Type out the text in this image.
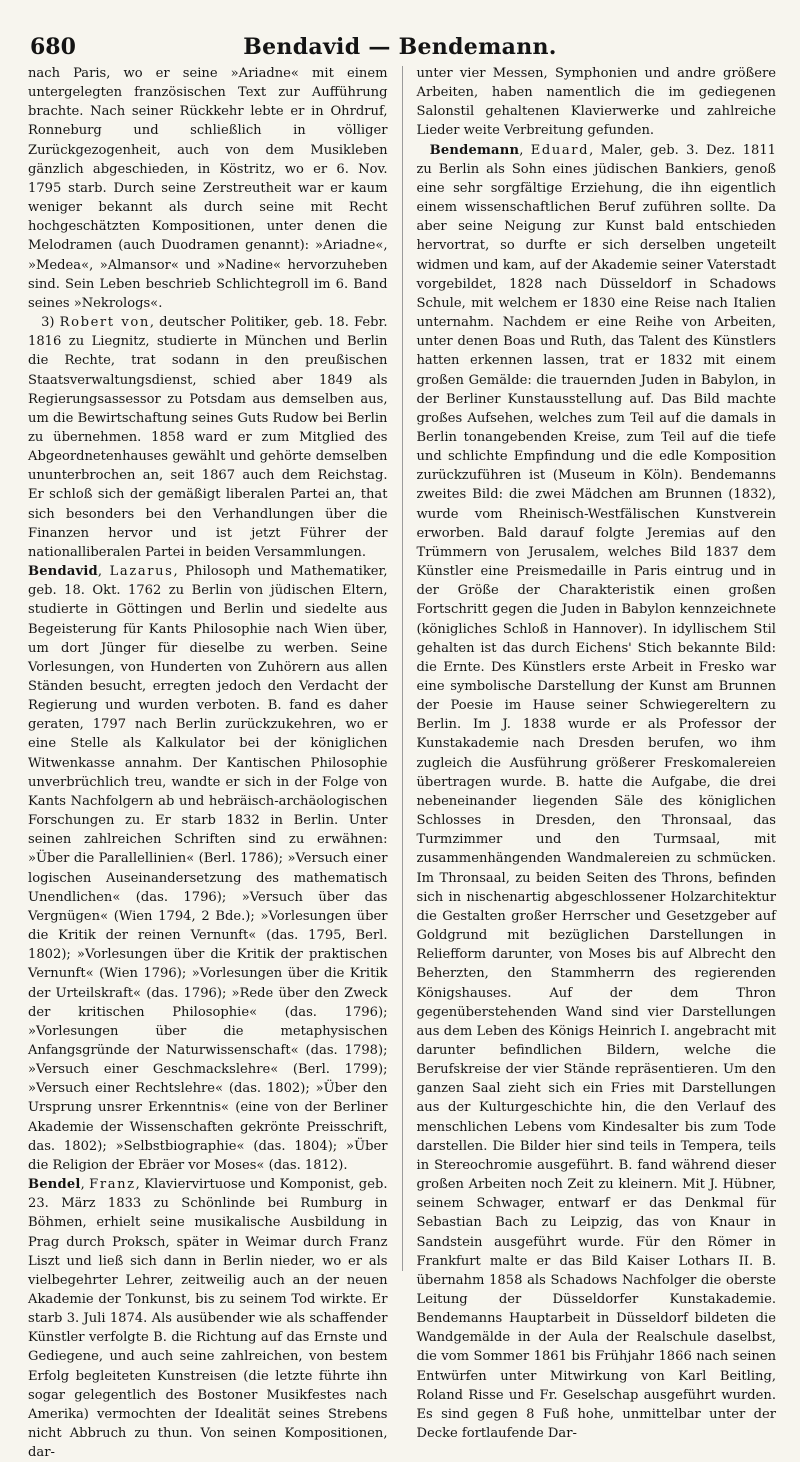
680	Bendavid — Bendemann.

nach Paris, wo er seine »Ariadne« mit einem untergelegten französischen Text zur Aufführung brachte. Nach seiner Rückkehr lebte er in Ohrdruf, Ronneburg und schließlich in völliger Zurückgezogenheit, auch von dem Musikleben gänzlich abgeschieden, in Köstritz, wo er 6. Nov. 1795 starb. Durch seine Zerstreutheit war er kaum weniger bekannt als durch seine mit Recht hochgeschätzten Kompositionen, unter denen die Melodramen (auch Duodramen genannt): »Ariadne«, »Medea«, »Almansor« und »Nadine« hervorzuheben sind. Sein Leben beschrieb Schlichtegroll im 6. Band seines »Nekrologs«.

 3) Robert von, deutscher Politiker, geb. 18. Febr. 1816 zu Liegnitz, studierte in München und Berlin die Rechte, trat sodann in den preußischen Staatsverwaltungsdienst, schied aber 1849 als Regierungsassessor zu Potsdam aus demselben aus, um die Bewirtschaftung seines Guts Rudow bei Berlin zu übernehmen. 1858 ward er zum Mitglied des Abgeordnetenhauses gewählt und gehörte demselben ununterbrochen an, seit 1867 auch dem Reichstag. Er schloß sich der gemäßigt liberalen Partei an, that sich besonders bei den Verhandlungen über die Finanzen hervor und ist jetzt Führer der nationalliberalen Partei in beiden Versammlungen.

Bendavid, Lazarus, Philosoph und Mathematiker, geb. 18. Okt. 1762 zu Berlin von jüdischen Eltern, studierte in Göttingen und Berlin und siedelte aus Begeisterung für Kants Philosophie nach Wien über, um dort Jünger für dieselbe zu werben. Seine Vorlesungen, von Hunderten von Zuhörern aus allen Ständen besucht, erregten jedoch den Verdacht der Regierung und wurden verboten. B. fand es daher geraten, 1797 nach Berlin zurückzukehren, wo er eine Stelle als Kalkulator bei der königlichen Witwenkasse annahm. Der Kantischen Philosophie unverbrüchlich treu, wandte er sich in der Folge von Kants Nachfolgern ab und hebräisch-archäologischen Forschungen zu. Er starb 1832 in Berlin. Unter seinen zahlreichen Schriften sind zu erwähnen: »Über die Parallellinien« (Berl. 1786); »Versuch einer logischen Auseinandersetzung des mathematisch Unendlichen« (das. 1796); »Versuch über das Vergnügen« (Wien 1794, 2 Bde.); »Vorlesungen über die Kritik der reinen Vernunft« (das. 1795, Berl. 1802); »Vorlesungen über die Kritik der praktischen Vernunft« (Wien 1796); »Vorlesungen über die Kritik der Urteilskraft« (das. 1796); »Rede über den Zweck der kritischen Philosophie« (das. 1796); »Vorlesungen über die metaphysischen Anfangsgründe der Naturwissenschaft« (das. 1798); »Versuch einer Geschmackslehre« (Berl. 1799); »Versuch einer Rechtslehre« (das. 1802); »Über den Ursprung unsrer Erkenntnis« (eine von der Berliner Akademie der Wissenschaften gekrönte Preisschrift, das. 1802); »Selbstbiographie« (das. 1804); »Über die Religion der Ebräer vor Moses« (das. 1812).

Bendel, Franz, Klaviervirtuose und Komponist, geb. 23. März 1833 zu Schönlinde bei Rumburg in Böhmen, erhielt seine musikalische Ausbildung in Prag durch Proksch, später in Weimar durch Franz Liszt und ließ sich dann in Berlin nieder, wo er als vielbegehrter Lehrer, zeitweilig auch an der neuen Akademie der Tonkunst, bis zu seinem Tod wirkte. Er starb 3. Juli 1874. Als ausübender wie als schaffender Künstler verfolgte B. die Richtung auf das Ernste und Gediegene, und auch seine zahlreichen, von bestem Erfolg begleiteten Kunstreisen (die letzte führte ihn sogar gelegentlich des Bostoner Musikfestes nach Amerika) vermochten der Idealität seines Strebens nicht Abbruch zu thun. Von seinen Kompositionen, dar-

unter vier Messen, Symphonien und andre größere Arbeiten, haben namentlich die im gediegenen Salonstil gehaltenen Klavierwerke und zahlreiche Lieder weite Verbreitung gefunden.

 Bendemann, Eduard, Maler, geb. 3. Dez. 1811 zu Berlin als Sohn eines jüdischen Bankiers, genoß eine sehr sorgfältige Erziehung, die ihn eigentlich einem wissenschaftlichen Beruf zuführen sollte. Da aber seine Neigung zur Kunst bald entschieden hervortrat, so durfte er sich derselben ungeteilt widmen und kam, auf der Akademie seiner Vaterstadt vorgebildet, 1828 nach Düsseldorf in Schadows Schule, mit welchem er 1830 eine Reise nach Italien unternahm. Nachdem er eine Reihe von Arbeiten, unter denen Boas und Ruth, das Talent des Künstlers hatten erkennen lassen, trat er 1832 mit einem großen Gemälde: die trauernden Juden in Babylon, in der Berliner Kunstausstellung auf. Das Bild machte großes Aufsehen, welches zum Teil auf die damals in Berlin tonangebenden Kreise, zum Teil auf die tiefe und schlichte Empfindung und die edle Komposition zurückzuführen ist (Museum in Köln). Bendemanns zweites Bild: die zwei Mädchen am Brunnen (1832), wurde vom Rheinisch-Westfälischen Kunstverein erworben. Bald darauf folgte Jeremias auf den Trümmern von Jerusalem, welches Bild 1837 dem Künstler eine Preismedaille in Paris eintrug und in der Größe der Charakteristik einen großen Fortschritt gegen die Juden in Babylon kennzeichnete (königliches Schloß in Hannover). In idyllischem Stil gehalten ist das durch Eichens' Stich bekannte Bild: die Ernte. Des Künstlers erste Arbeit in Fresko war eine symbolische Darstellung der Kunst am Brunnen der Poesie im Hause seiner Schwiegereltern zu Berlin. Im J. 1838 wurde er als Professor der Kunstakademie nach Dresden berufen, wo ihm zugleich die Ausführung größerer Freskomalereien übertragen wurde. B. hatte die Aufgabe, die drei nebeneinander liegenden Säle des königlichen Schlosses in Dresden, den Thronsaal, das Turmzimmer und den Turmsaal, mit zusammenhängenden Wandmalereien zu schmücken. Im Thronsaal, zu beiden Seiten des Throns, befinden sich in nischenartig abgeschlossener Holzarchitektur die Gestalten großer Herrscher und Gesetzgeber auf Goldgrund mit bezüglichen Darstellungen in Reliefform darunter, von Moses bis auf Albrecht den Beherzten, den Stammherrn des regierenden Königshauses. Auf der dem Thron gegenüberstehenden Wand sind vier Darstellungen aus dem Leben des Königs Heinrich I. angebracht mit darunter befindlichen Bildern, welche die Berufskreise der vier Stände repräsentieren. Um den ganzen Saal zieht sich ein Fries mit Darstellungen aus der Kulturgeschichte hin, die den Verlauf des menschlichen Lebens vom Kindesalter bis zum Tode darstellen. Die Bilder hier sind teils in Tempera, teils in Stereochromie ausgeführt. B. fand während dieser großen Arbeiten noch Zeit zu kleinern. Mit J. Hübner, seinem Schwager, entwarf er das Denkmal für Sebastian Bach zu Leipzig, das von Knaur in Sandstein ausgeführt wurde. Für den Römer in Frankfurt malte er das Bild Kaiser Lothars II. B. übernahm 1858 als Schadows Nachfolger die oberste Leitung der Düsseldorfer Kunstakademie. Bendemanns Hauptarbeit in Düsseldorf bildeten die Wandgemälde in der Aula der Realschule daselbst, die vom Sommer 1861 bis Frühjahr 1866 nach seinen Entwürfen unter Mitwirkung von Karl Beitling, Roland Risse und Fr. Geselschap ausgeführt wurden. Es sind gegen 8 Fuß hohe, unmittelbar unter der Decke fortlaufende Dar-
